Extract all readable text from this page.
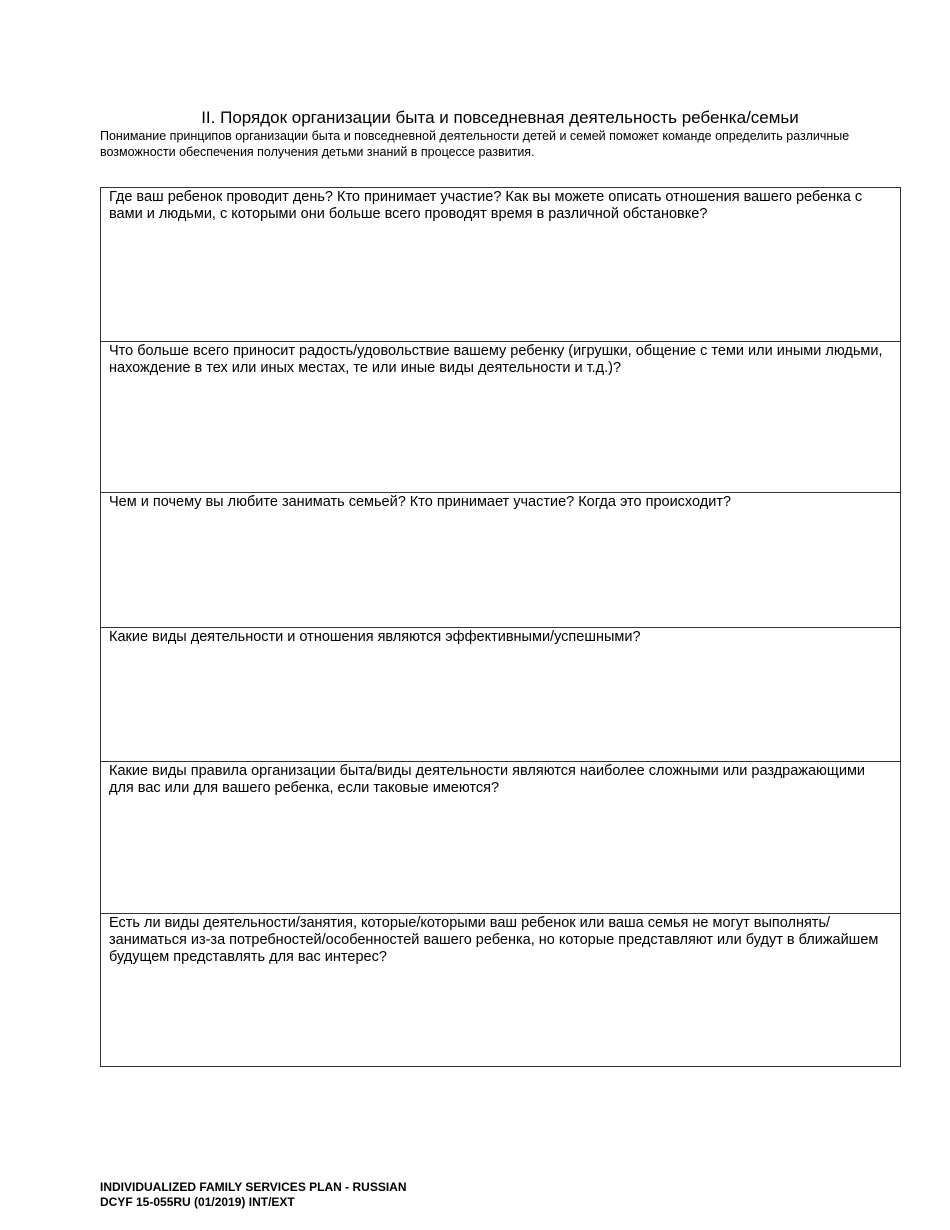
II. Порядок организации быта и повседневная деятельность ребенка/семьи
Понимание принципов организации быта и повседневной деятельности детей и семей поможет команде определить различные возможности обеспечения получения детьми знаний в процессе развития.
Где ваш ребенок проводит день? Кто принимает участие? Как вы можете описать отношения вашего ребенка с вами и людьми, с которыми они больше всего проводят время в различной обстановке?
Что больше всего приносит радость/удовольствие вашему ребенку (игрушки, общение с теми или иными людьми, нахождение в тех или иных местах, те или иные виды деятельности и т.д.)?
Чем и почему вы любите занимать семьей? Кто принимает участие? Когда это происходит?
Какие виды деятельности и отношения являются эффективными/успешными?
Какие виды правила организации быта/виды деятельности являются наиболее сложными или раздражающими для вас или для вашего ребенка, если таковые имеются?
Есть ли виды деятельности/занятия, которые/которыми ваш ребенок или ваша семья не могут выполнять/заниматься из-за потребностей/особенностей вашего ребенка, но которые представляют или будут в ближайшем будущем представлять для вас интерес?
INDIVIDUALIZED FAMILY SERVICES PLAN - RUSSIAN
DCYF 15-055RU (01/2019) INT/EXT
